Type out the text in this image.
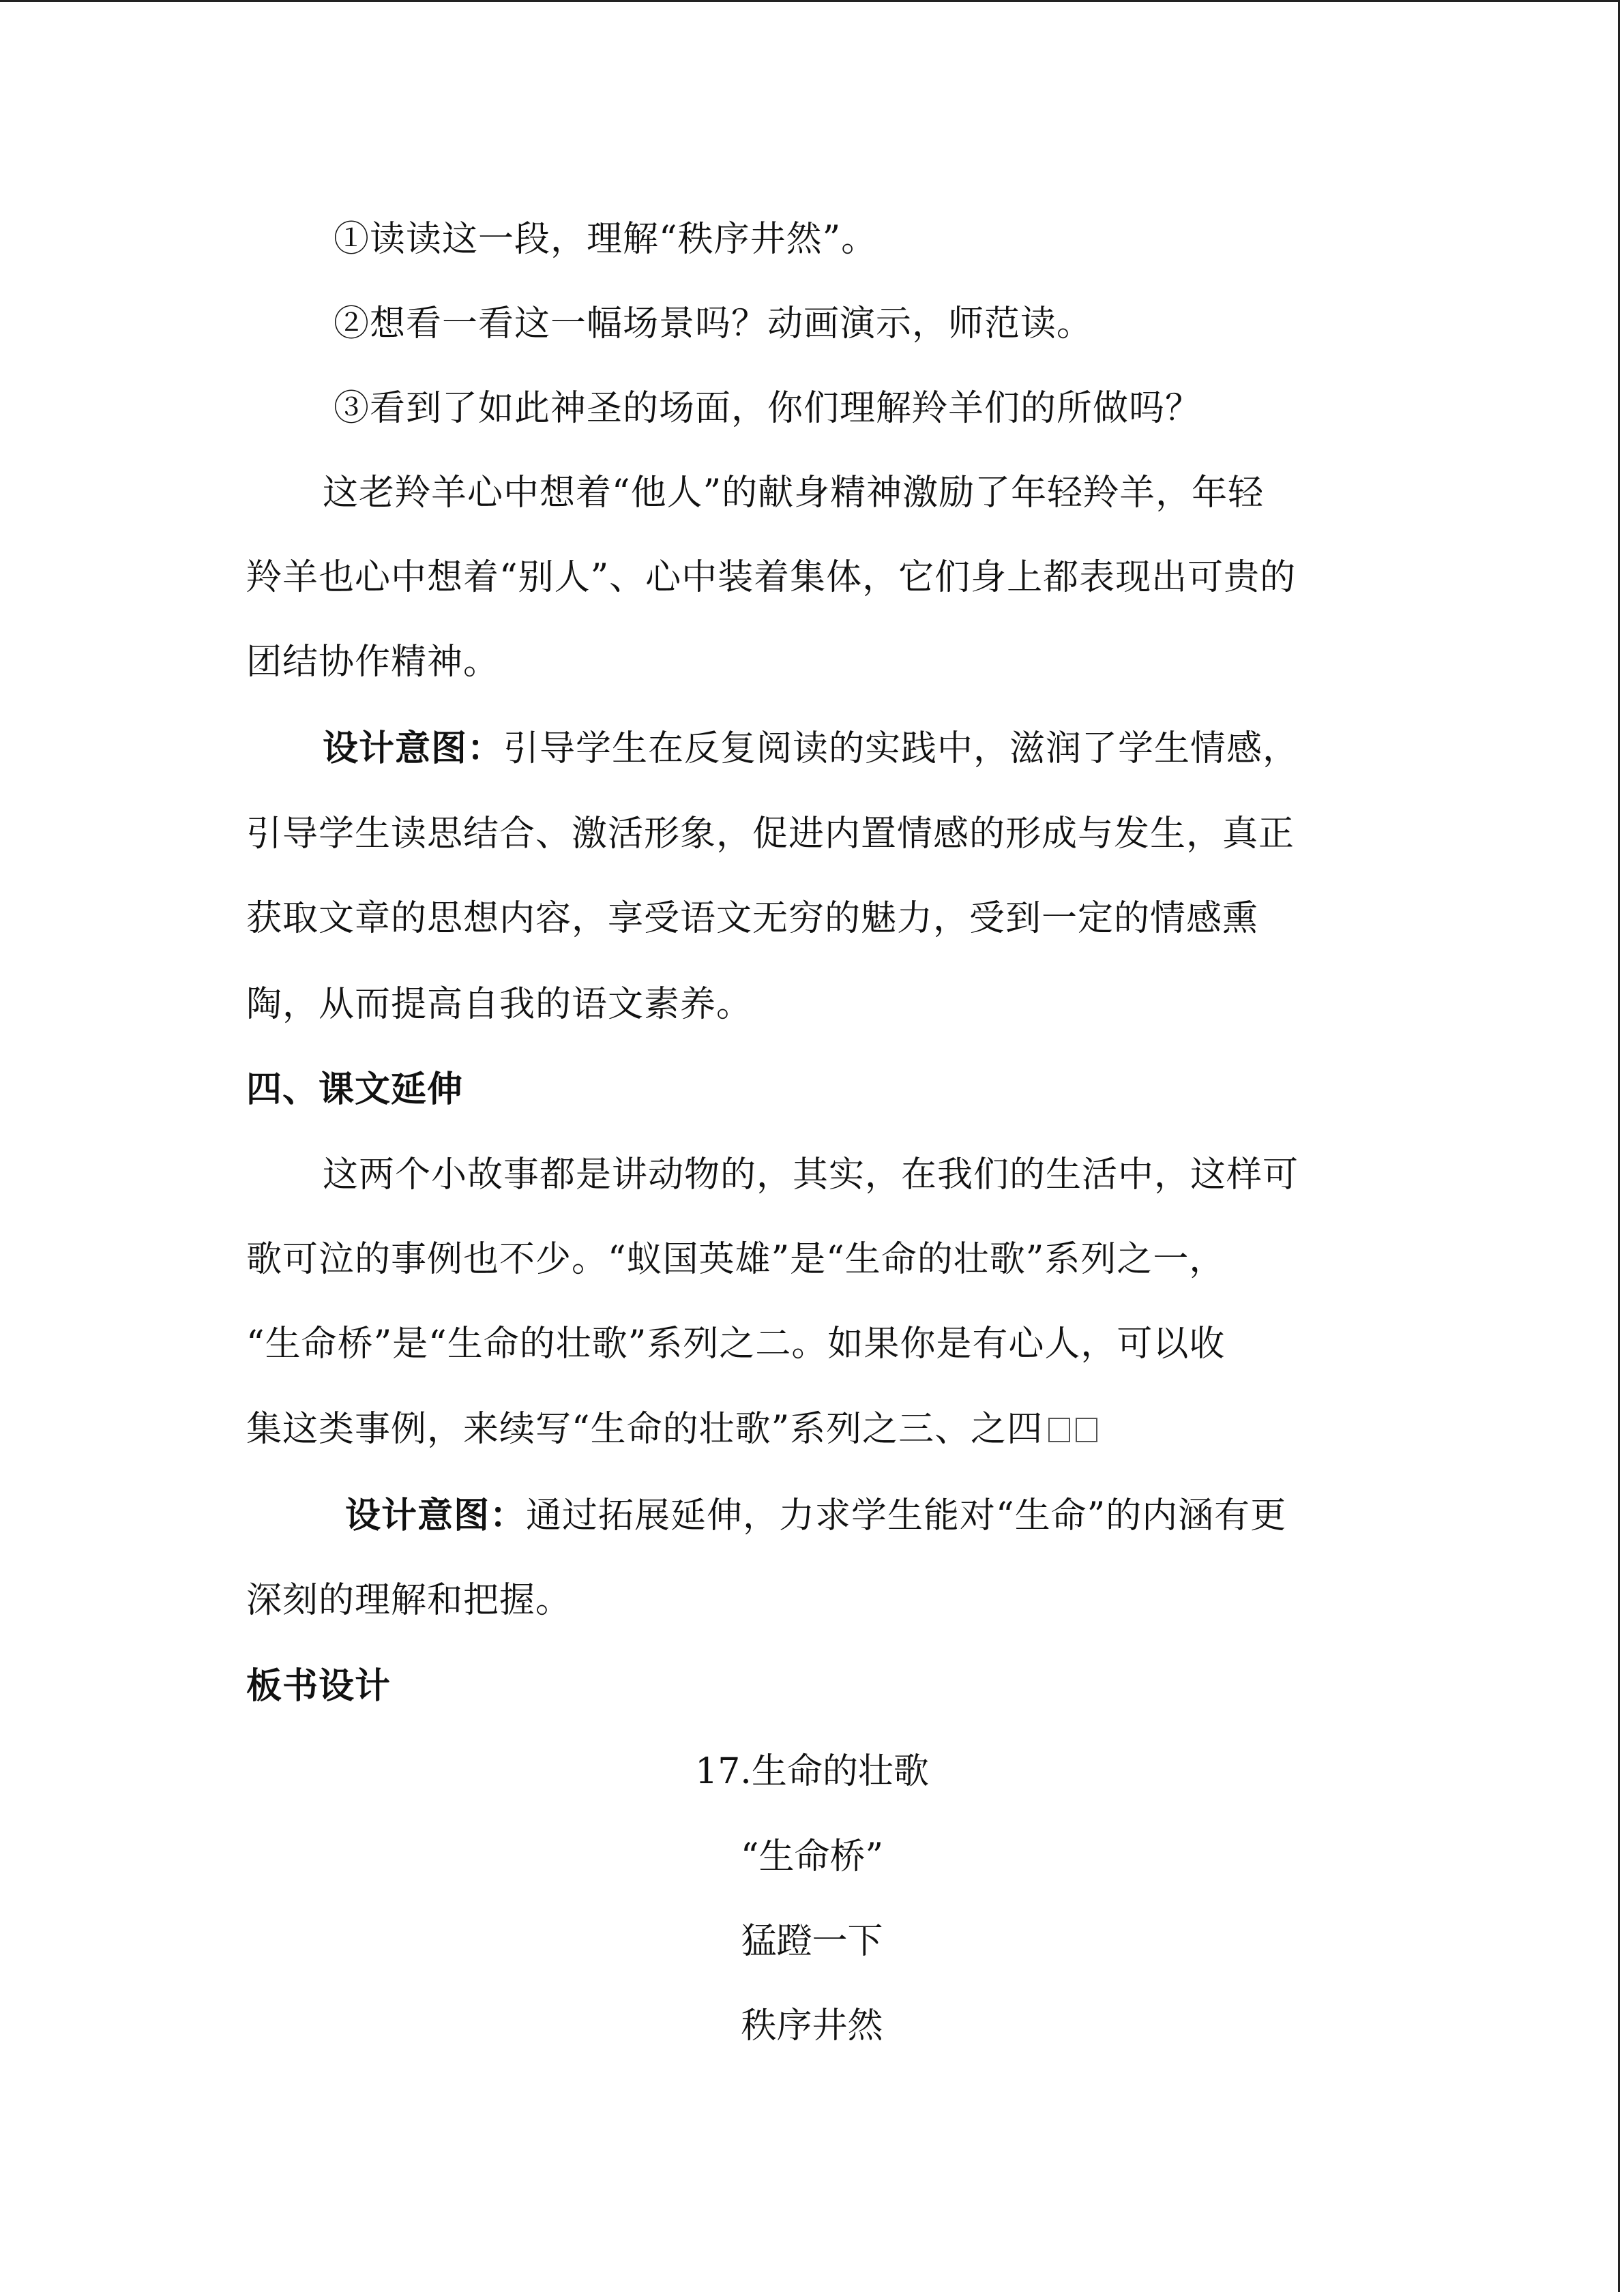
①读读这一段，理解“秩序井然”。
②想看一看这一幅场景吗？动画演示，师范读。
③看到了如此神圣的场面，你们理解羚羊们的所做吗？
这老羚羊心中想着“他人”的献身精神激励了年轻羚羊，年轻
羚羊也心中想着“别人”、心中装着集体，它们身上都表现出可贵的
团结协作精神。
设计意图：引导学生在反复阅读的实践中，滋润了学生情感，
引导学生读思结合、激活形象，促进内置情感的形成与发生，真正
获取文章的思想内容，享受语文无穷的魅力，受到一定的情感熏
陶，从而提高自我的语文素养。
四、课文延伸
这两个小故事都是讲动物的，其实，在我们的生活中，这样可
歌可泣的事例也不少。“蚁国英雄”是“生命的壮歌”系列之一，
“生命桥”是“生命的壮歌”系列之二。如果你是有心人，可以收
集这类事例，来续写“生命的壮歌”系列之三、之四
设计意图：通过拓展延伸，力求学生能对“生命”的内涵有更
深刻的理解和把握。
板书设计
17.生命的壮歌
“生命桥”
猛蹬一下
秩序井然
